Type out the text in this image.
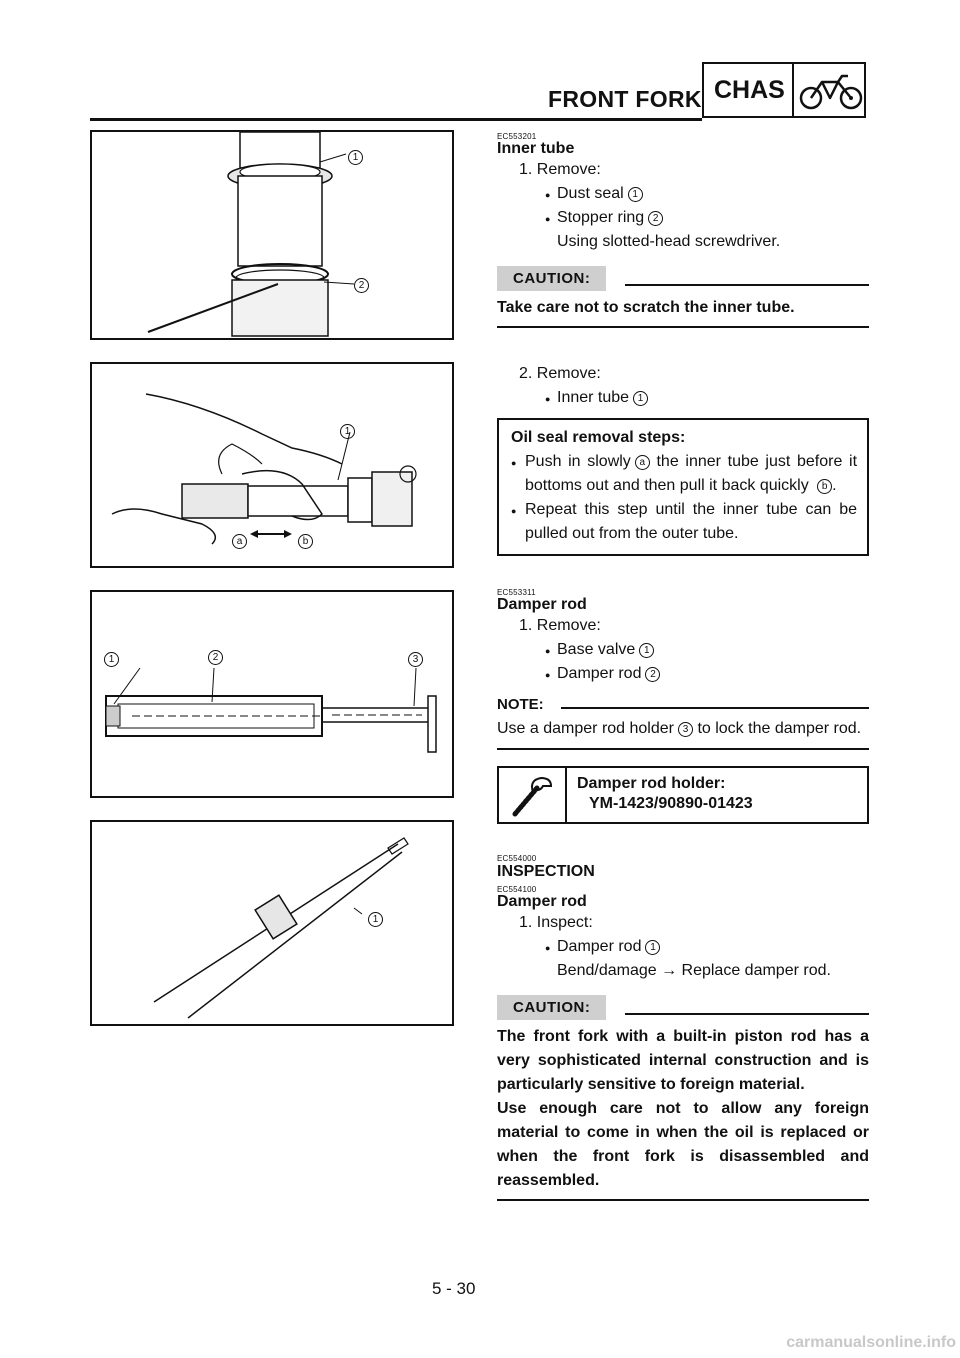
FRONT FORK CHAS
1
2
1
a	b
1	2	3
1
EC553201
Inner tube
1. Remove:
● Dust seal 1
● Stopper ring 2
Using slotted-head screwdriver.
CAUTION:
Take care not to scratch the inner tube.
2. Remove:
● Inner tube 1
Oil seal removal steps:
● Push in slowly a the inner tube just before it bottoms out and then pull it back quickly b .
● Repeat this step until the inner tube can be pulled out from the outer tube.
EC553311
Damper rod
1. Remove:
● Base valve 1
● Damper rod 2
NOTE:
Use a damper rod holder 3 to lock the damper rod.
Damper rod holder:
YM-1423/90890-01423
EC554000
INSPECTION
EC554100
Damper rod
1. Inspect:
● Damper rod 1
Bend/damage → Replace damper rod.
CAUTION:
The front fork with a built-in piston rod has a very sophisticated internal construction and is particularly sensitive to foreign material.
Use enough care not to allow any foreign material to come in when the oil is replaced or when the front fork is disassembled and reassembled.
5 - 30
carmanualsonline.info
